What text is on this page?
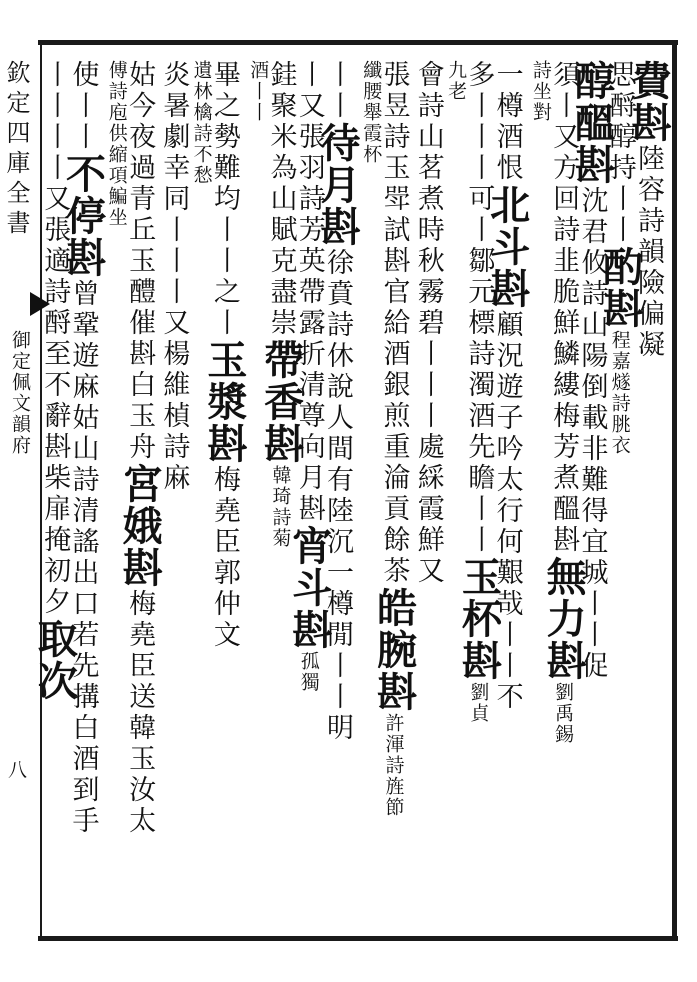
欽定四庫全書
御定佩文韻府
八
費斟陸容詩韻險偏凝
思酹醇持丨丨酌斟程嘉燧詩朓衣
醇醞斟沈君攸詩山陽倒載非難得宜城丨丨促
須丨又方回詩韭脆鮮鱗縷梅芳煮醞斟無力斟劉禹錫
詩坐對
一樽酒恨北斗斟顧況遊子吟太行何艱哉丨丨不
多丨丨丨可丨鄒元標詩濁酒先瞻丨丨玉杯斟劉貞
九老
會詩山茗煮時秋霧碧丨丨丨處綵霞鮮又
張昱詩玉斝試斟官給酒銀煎重淪貢餘茶皓腕斟許渾詩旌節
纖腰舉霞杯
丨丨待月斟徐賁詩休說人間有陸沉一樽閒丨丨明
丨又張羽詩芳英帶露折清尊向月斟宵斗斟孤獨
銈聚米為山賦克盡崇帶香斟韓琦詩菊
酒丨丨
畢之勢難均丨丨之丨玉漿斟梅堯臣郭仲文
遺林檎詩不愁
炎暑劇幸同丨丨丨又楊維楨詩麻
姑今夜過青丘玉醴催斟白玉舟宮娥斟梅堯臣送韓玉汝太
傅詩庖供縮項鯿坐
使丨丨不停斟曾鞏遊麻姑山詩清謠出口若先搆白酒到手
丨丨丨丨又張適詩酹至不辭斟柴扉掩初夕取次
